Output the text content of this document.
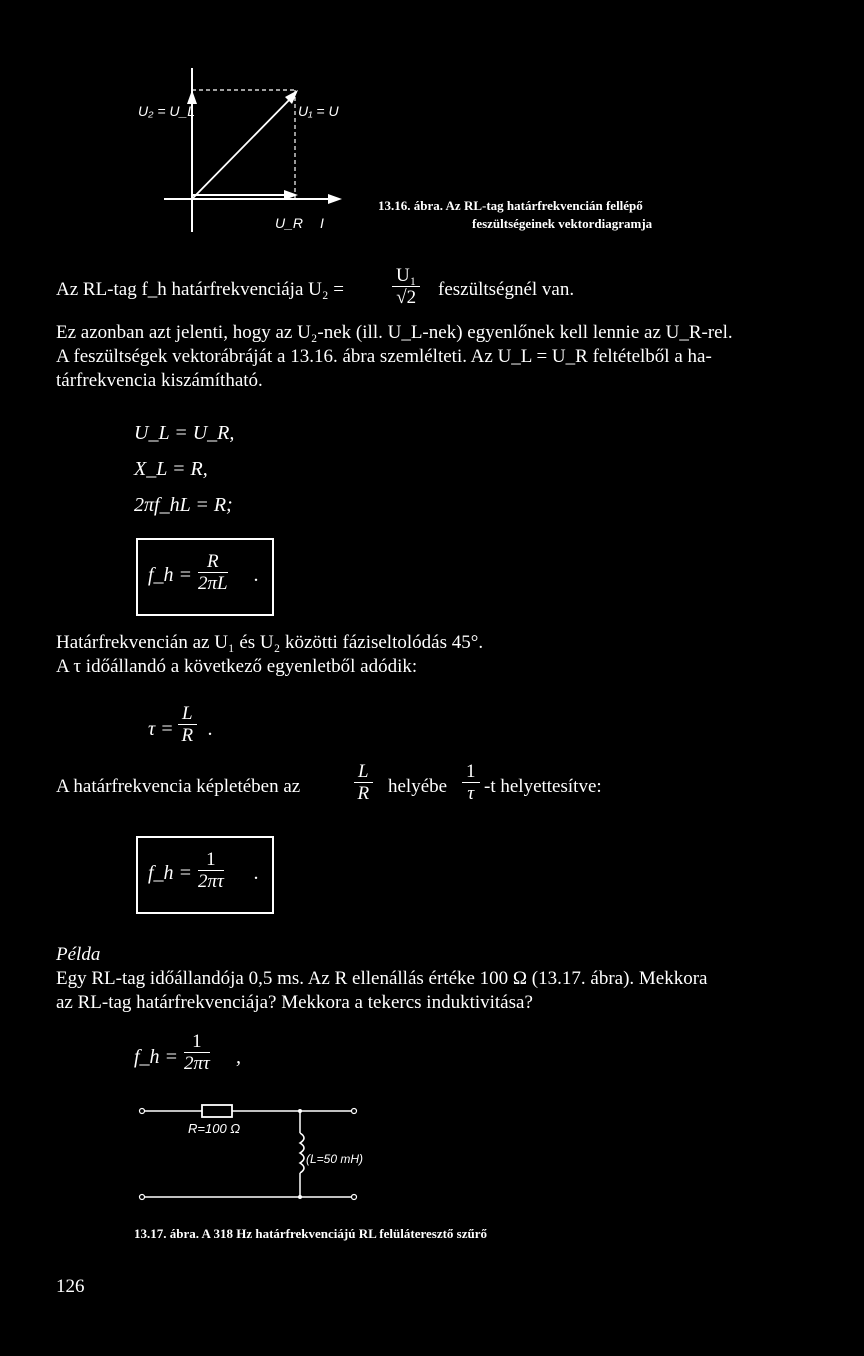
U₂ = U_L	U₁ = U
U_R I
13.16. ábra. Az RL-tag határfrekvencián fellépő
feszültségeinek vektordiagramja
Az RL-tag f_h határfrekvenciája U₂ =	$\frac{\text{U₁}}{√2}$ feszültségnél van.
Ez azonban azt jelenti, hogy az U₂-nek (ill. U_L-nek) egyenlőnek kell lennie az U_R-rel.
A feszültségek vektorábráját a 13.16. ábra szemlélteti. Az U_L = U_R feltételből a ha-
tárfrekvencia kiszámítható.
U_L = U_R,
X_L = R,
2πf_hL = R;
f_h = $\frac{R}{2\pi L}$ .
Határfrekvencián az U₁ és U₂ közötti fáziseltolódás 45°.
A τ időállandó a következő egyenletből adódik:
$\tau = \frac{L}{R}$ .
A határfrekvencia képletében az	$\frac{L}{R}$ helyébe $\frac{1}{\tau} -t$ helyettesítve:
f_h = $\frac{1}{2\pi\tau}$ .
Példa
Egy RL-tag időállandója 0,5 ms. Az R ellenállás értéke 100 Ω (13.17. ábra). Mekkora
az RL-tag határfrekvenciája? Mekkora a tekercs induktivitása?
f_h = $\frac{1}{2\pi\tau}$ ,
R=100 Ω
(L=50 mH)
13.17. ábra. A 318 Hz határfrekvenciájú RL felüláteresztő szűrő
126
